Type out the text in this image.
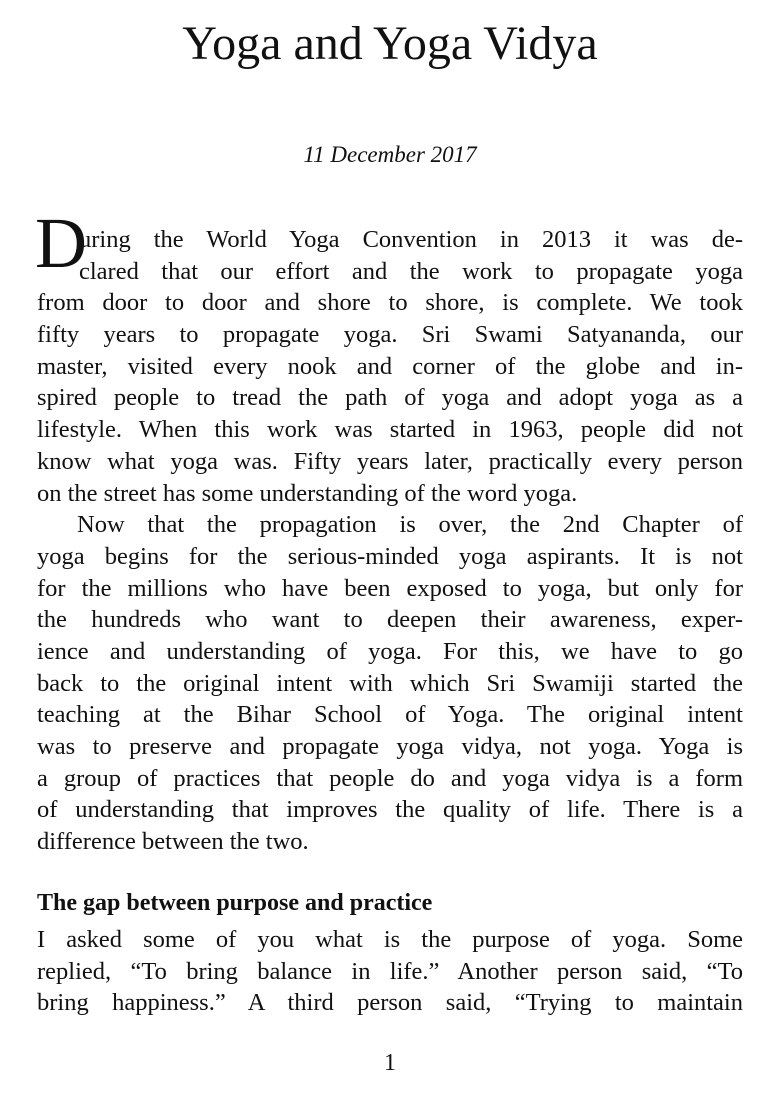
Yoga and Yoga Vidya
11 December 2017
D
uring the World Yoga Convention in 2013 it was de-
clared that our effort and the work to propagate yoga
from door to door and shore to shore, is complete. We took
fifty years to propagate yoga. Sri Swami Satyananda, our
master, visited every nook and corner of the globe and in-
spired people to tread the path of yoga and adopt yoga as a
lifestyle. When this work was started in 1963, people did not
know what yoga was. Fifty years later, practically every person
on the street has some understanding of the word yoga.
Now that the propagation is over, the 2nd Chapter of
yoga begins for the serious-minded yoga aspirants. It is not
for the millions who have been exposed to yoga, but only for
the hundreds who want to deepen their awareness, exper-
ience and understanding of yoga. For this, we have to go
back to the original intent with which Sri Swamiji started the
teaching at the Bihar School of Yoga. The original intent
was to preserve and propagate yoga vidya, not yoga. Yoga is
a group of practices that people do and yoga vidya is a form
of understanding that improves the quality of life. There is a
difference between the two.
The gap between purpose and practice
I asked some of you what is the purpose of yoga. Some
replied, “To bring balance in life.” Another person said, “To
bring happiness.” A third person said, “Trying to maintain
1
